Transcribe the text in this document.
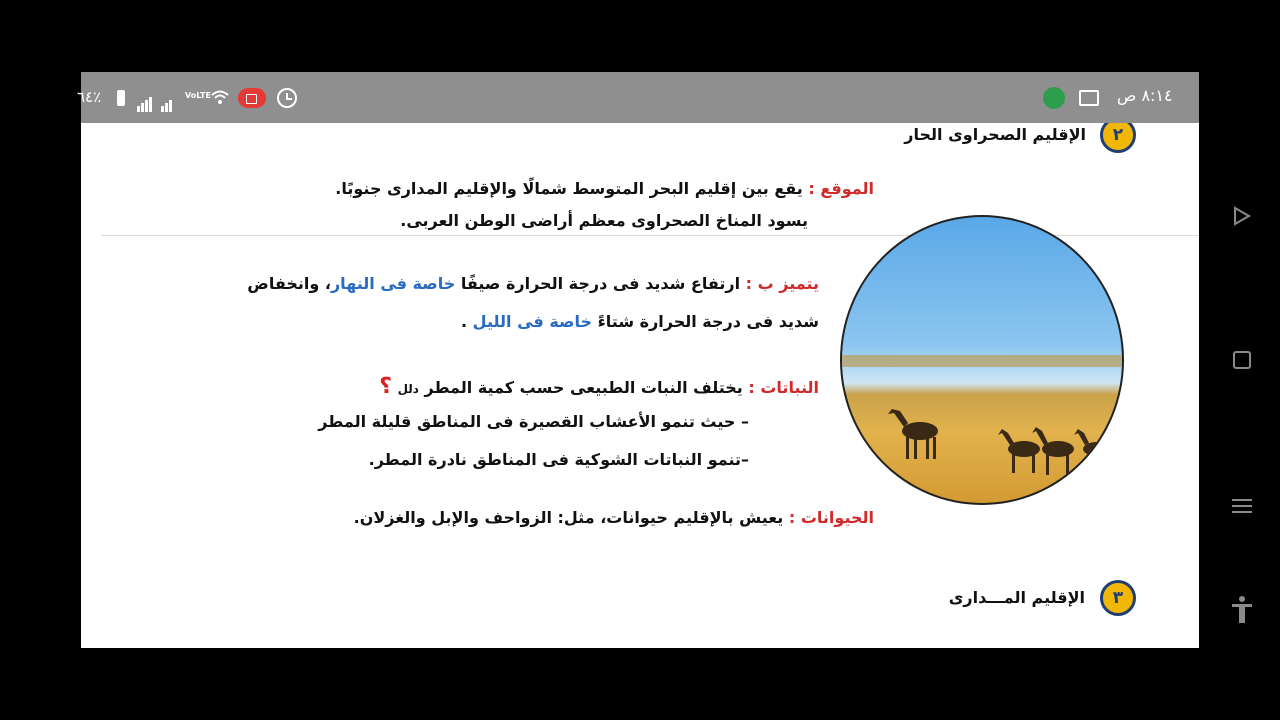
٢
الإقليم الصحراوى الحار
الموقع : يقع بين إقليم البحر المتوسط شمالًا والإقليم المدارى جنوبًا.
يسود المناخ الصحراوى معظم أراضى الوطن العربى.
يتميز ب : ارتفاع شديد فى درجة الحرارة صيفًا خاصة فى النهار، وانخفاض
شديد فى درجة الحرارة شتاءً خاصة فى الليل .
النباتات : يختلف النبات الطبيعى حسب كمية المطر دلل ؟
– حيث تنمو الأعشاب القصيرة فى المناطق قليلة المطر
–تنمو النباتات الشوكية فى المناطق نادرة المطر.
الحيوانات : يعيش بالإقليم حيوانات، مثل: الزواحف والإبل والغزلان.
٣
الإقليم المـــدارى
٦٤٪
	VoLTE	٨:١٤ ص
